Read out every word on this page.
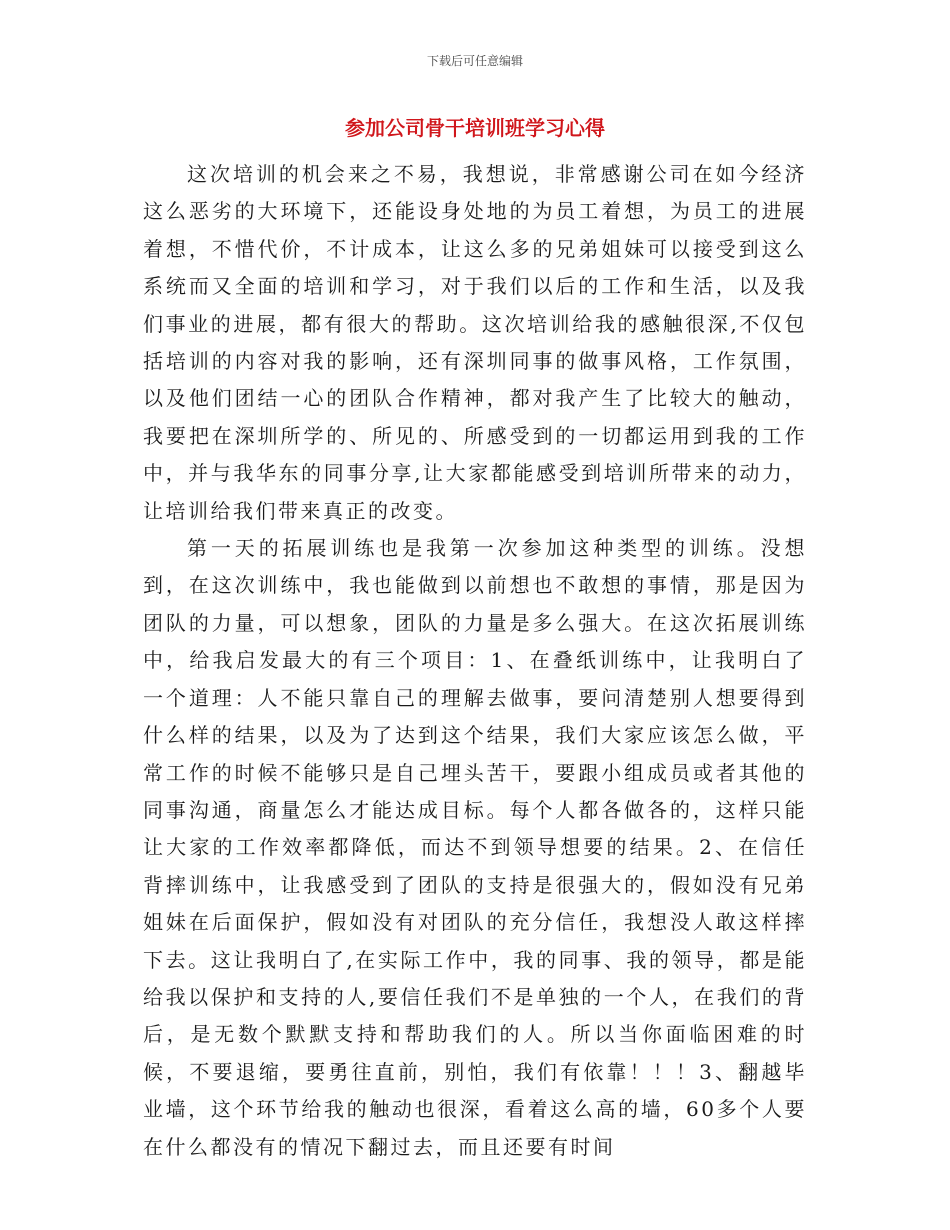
下载后可任意编辑
参加公司骨干培训班学习心得

这次培训的机会来之不易，我想说，非常感谢公司在如今经济这么恶劣的大环境下，还能设身处地的为员工着想，为员工的进展着想，不惜代价，不计成本，让这么多的兄弟姐妹可以接受到这么系统而又全面的培训和学习，对于我们以后的工作和生活，以及我们事业的进展，都有很大的帮助。这次培训给我的感触很深,不仅包括培训的内容对我的影响，还有深圳同事的做事风格，工作氛围，以及他们团结一心的团队合作精神，都对我产生了比较大的触动，我要把在深圳所学的、所见的、所感受到的一切都运用到我的工作中，并与我华东的同事分享,让大家都能感受到培训所带来的动力，让培训给我们带来真正的改变。

第一天的拓展训练也是我第一次参加这种类型的训练。没想到，在这次训练中，我也能做到以前想也不敢想的事情，那是因为团队的力量，可以想象，团队的力量是多么强大。在这次拓展训练中，给我启发最大的有三个项目：1、在叠纸训练中，让我明白了一个道理：人不能只靠自己的理解去做事，要问清楚别人想要得到什么样的结果，以及为了达到这个结果，我们大家应该怎么做，平常工作的时候不能够只是自己埋头苦干，要跟小组成员或者其他的同事沟通，商量怎么才能达成目标。每个人都各做各的，这样只能让大家的工作效率都降低，而达不到领导想要的结果。2、在信任背摔训练中，让我感受到了团队的支持是很强大的，假如没有兄弟姐妹在后面保护，假如没有对团队的充分信任，我想没人敢这样摔下去。这让我明白了,在实际工作中，我的同事、我的领导，都是能给我以保护和支持的人,要信任我们不是单独的一个人，在我们的背后，是无数个默默支持和帮助我们的人。所以当你面临困难的时候，不要退缩，要勇往直前，别怕，我们有依靠！！！3、翻越毕业墙，这个环节给我的触动也很深，看着这么高的墙，60多个人要在什么都没有的情况下翻过去，而且还要有时间
